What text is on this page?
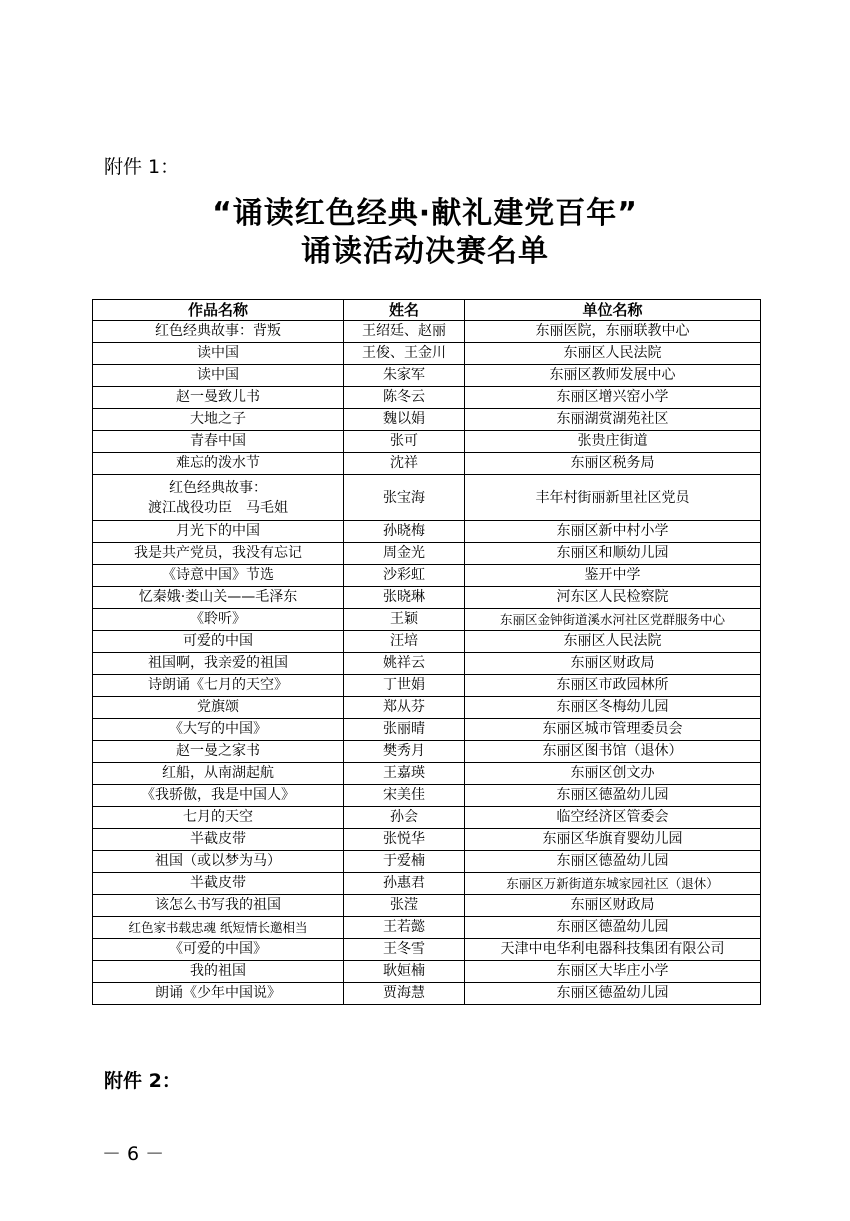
附件 1：
“诵读红色经典·献礼建党百年”
诵读活动决赛名单
作品名称	姓名	单位名称
红色经典故事：背叛	王绍廷、赵丽	东丽医院，东丽联教中心
读中国	王俊、王金川	东丽区人民法院
读中国	朱家军	东丽区教师发展中心
赵一曼致儿书	陈冬云	东丽区增兴窑小学
大地之子	魏以娟	东丽湖赏湖苑社区
青春中国	张可	张贵庄街道
难忘的泼水节	沈祥	东丽区税务局
红色经典故事：
渡江战役功臣　马毛姐	张宝海	丰年村街丽新里社区党员
月光下的中国	孙晓梅	东丽区新中村小学
我是共产党员，我没有忘记	周金光	东丽区和顺幼儿园
《诗意中国》节选	沙彩虹	鉴开中学
忆秦娥·娄山关——毛泽东	张晓琳	河东区人民检察院
《聆听》	王颖	东丽区金钟街道溪水河社区党群服务中心
可爱的中国	汪培	东丽区人民法院
祖国啊，我亲爱的祖国	姚祥云	东丽区财政局
诗朗诵《七月的天空》	丁世娟	东丽区市政园林所
党旗颂	郑从芬	东丽区冬梅幼儿园
《大写的中国》	张丽晴	东丽区城市管理委员会
赵一曼之家书	樊秀月	东丽区图书馆（退休）
红船，从南湖起航	王嘉瑛	东丽区创文办
《我骄傲，我是中国人》	宋美佳	东丽区德盈幼儿园
七月的天空	孙会	临空经济区管委会
半截皮带	张悦华	东丽区华旗育婴幼儿园
祖国（或以梦为马）	于爱楠	东丽区德盈幼儿园
半截皮带	孙惠君	东丽区万新街道东城家园社区（退休）
该怎么书写我的祖国	张滢	东丽区财政局
红色家书载忠魂 纸短情长邀相当	王若懿	东丽区德盈幼儿园
《可爱的中国》	王冬雪	天津中电华利电器科技集团有限公司
我的祖国	耿姮楠	东丽区大毕庄小学
朗诵《少年中国说》	贾海慧	东丽区德盈幼儿园
附件 2：
－ 6 －
